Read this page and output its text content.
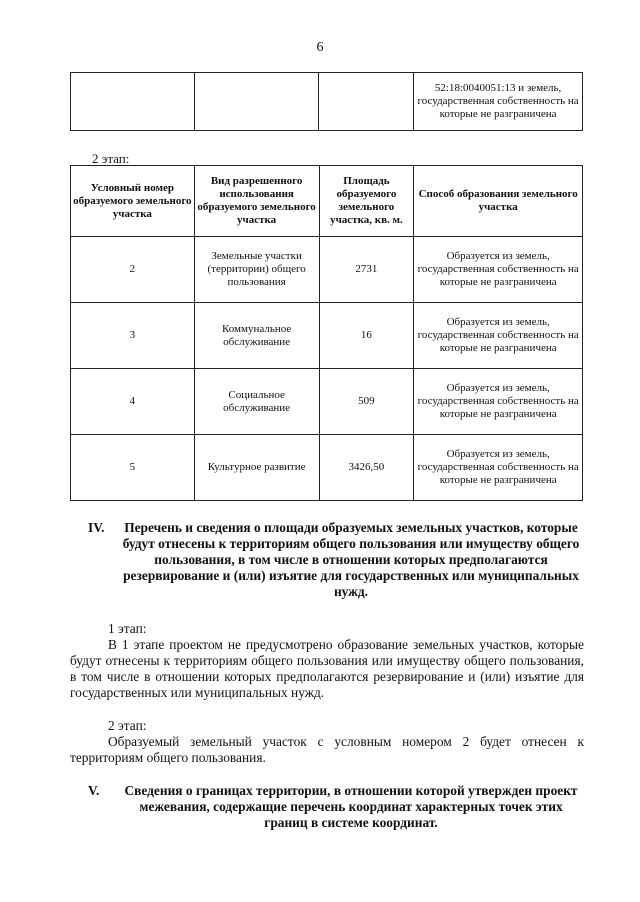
6
			52:18:0040051:13 и земель, государственная собственность на которые не разграничена
2 этап:
Условный номер образуемого земельного участка	Вид разрешенного использования образуемого земельного участка	Площадь образуемого земельного участка, кв. м.	Способ образования земельного участка
2	Земельные участки (территории) общего пользования	2731	Образуется из земель, государственная собственность на которые не разграничена
3	Коммунальное обслуживание	16	Образуется из земель, государственная собственность на которые не разграничена
4	Социальное обслуживание	509	Образуется из земель, государственная собственность на которые не разграничена
5	Культурное развитие	3426,50	Образуется из земель, государственная собственность на которые не разграничена
IV.	Перечень и сведения о площади образуемых земельных участков, которые будут отнесены к территориям общего пользования или имуществу общего пользования, в том числе в отношении которых предполагаются резервирование и (или) изъятие для государственных или муниципальных нужд.
1 этап:
В 1 этапе проектом не предусмотрено образование земельных участков, которые будут отнесены к территориям общего пользования или имуществу общего пользования, в том числе в отношении которых предполагаются резервирование и (или) изъятие для государственных или муниципальных нужд.
2 этап:
Образуемый земельный участок с условным номером 2 будет отнесен к территориям общего пользования.
V.	Сведения о границах территории, в отношении которой утвержден проект межевания, содержащие перечень координат характерных точек этих границ в системе координат.
